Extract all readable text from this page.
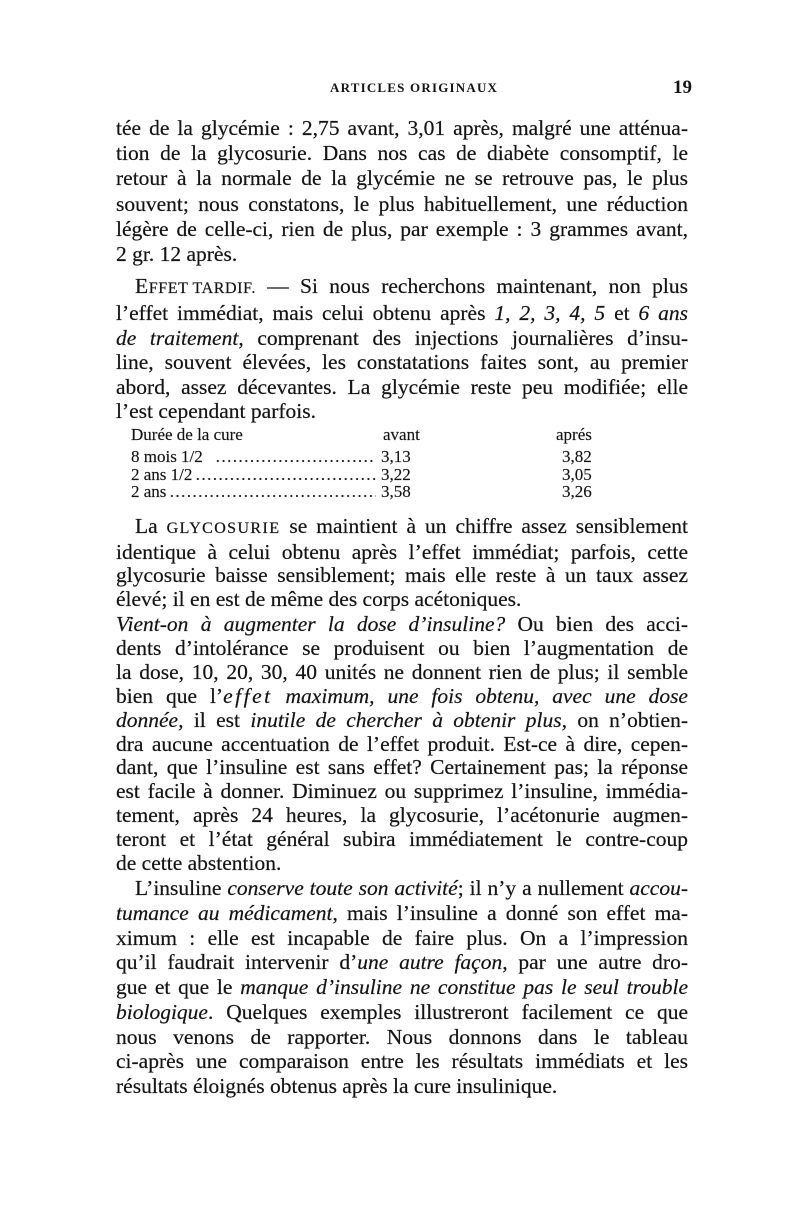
ARTICLES ORIGINAUX	19
tée de la glycémie : 2,75 avant, 3,01 après, malgré une atténua-
tion de la glycosurie. Dans nos cas de diabète consomptif, le
retour à la normale de la glycémie ne se retrouve pas, le plus
souvent; nous constatons, le plus habituellement, une réduction
légère de celle-ci, rien de plus, par exemple : 3 grammes avant,
2 gr. 12 après.
EFFET TARDIF. — Si nous recherchons maintenant, non plus
l’effet immédiat, mais celui obtenu après 1, 2, 3, 4, 5 et 6 ans
de traitement, comprenant des injections journalières d’insu-
line, souvent élevées, les constatations faites sont, au premier
abord, assez décevantes. La glycémie reste peu modifiée; elle
l’est cependant parfois.
Durée de la cure	avant	aprés
8 mois 1/2	3,13	3,82
2 ans 1/2	3,22	3,05
2 ans	3,58	3,26
La GLYCOSURIE se maintient à un chiffre assez sensiblement
identique à celui obtenu après l’effet immédiat; parfois, cette
glycosurie baisse sensiblement; mais elle reste à un taux assez
élevé; il en est de même des corps acétoniques.
Vient-on à augmenter la dose d’insuline? Ou bien des acci-
dents d’intolérance se produisent ou bien l’augmentation de
la dose, 10, 20, 30, 40 unités ne donnent rien de plus; il semble
bien que l’effet maximum, une fois obtenu, avec une dose
donnée, il est inutile de chercher à obtenir plus, on n’obtien-
dra aucune accentuation de l’effet produit. Est-ce à dire, cepen-
dant, que l’insuline est sans effet? Certainement pas; la réponse
est facile à donner. Diminuez ou supprimez l’insuline, immédia-
tement, après 24 heures, la glycosurie, l’acétonurie augmen-
teront et l’état général subira immédiatement le contre-coup
de cette abstention.
L’insuline conserve toute son activité; il n’y a nullement accou-
tumance au médicament, mais l’insuline a donné son effet ma-
ximum : elle est incapable de faire plus. On a l’impression
qu’il faudrait intervenir d’une autre façon, par une autre dro-
gue et que le manque d’insuline ne constitue pas le seul trouble
biologique. Quelques exemples illustreront facilement ce que
nous venons de rapporter. Nous donnons dans le tableau
ci-après une comparaison entre les résultats immédiats et les
résultats éloignés obtenus après la cure insulinique.
